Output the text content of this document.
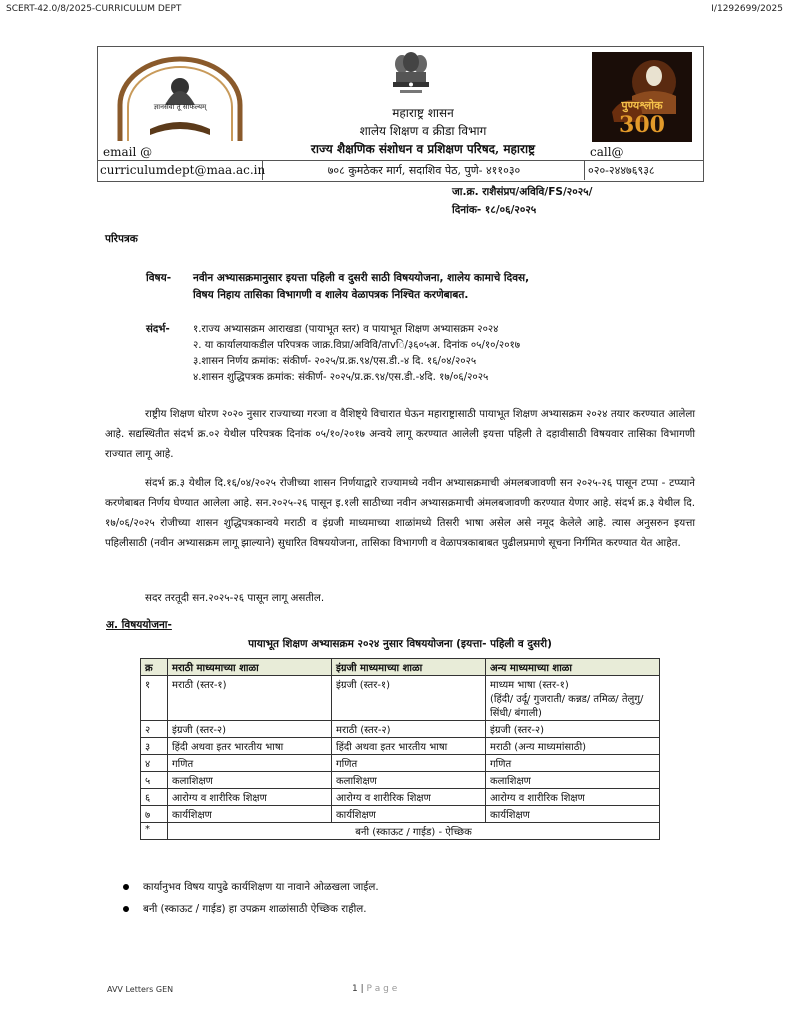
SCERT-42.0/8/2025-CURRICULUM DEPT	I/1292699/2025
ज्ञानसेवा तू साफल्यम्	महाराष्ट्र शासन
शालेय शिक्षण व क्रीडा विभाग
राज्य शैक्षणिक संशोधन व प्रशिक्षण परिषद, महाराष्ट्र
पुण्यश्लोक
300
email @
curriculumdept@maa.ac.in	७०८ कुमठेकर मार्ग, सदाशिव पेठ, पुणे- ४११०३०
call@
०२०-२४४७६९३८
जा.क्र. राशैसंप्रप/अविवि/FS/२०२५/
दिनांक- १८/०६/२०२५
परिपत्रक
विषय- नवीन अभ्यासक्रमानुसार इयत्ता पहिली व दुसरी साठी विषययोजना, शालेय कामाचे दिवस,
विषय निहाय तासिका विभागणी व शालेय वेळापत्रक निश्चित करणेबाबत.
संदर्भ- १.राज्य अभ्यासक्रम आराखडा (पायाभूत स्तर) व पायाभूत शिक्षण अभ्यासक्रम २०२४
२. या कार्यालयाकडील परिपत्रक जाक्र.विप्रा/अविवि/ताvि/३६०५अ. दिनांक ०५/१०/२०१७
३.शासन निर्णय क्रमांक: संकीर्ण- २०२५/प्र.क्र.९४/एस.डी.-४ दि. १६/०४/२०२५
४.शासन शुद्धिपत्रक क्रमांक: संकीर्ण- २०२५/प्र.क्र.९४/एस.डी.-४दि. १७/०६/२०२५
राष्ट्रीय शिक्षण धोरण २०२० नुसार राज्याच्या गरजा व वैशिष्ट्ये विचारात घेऊन महाराष्ट्रासाठी पायाभूत शिक्षण अभ्यासक्रम २०२४ तयार करण्यात आलेला आहे. सद्यस्थितीत संदर्भ क्र.०२ येथील परिपत्रक दिनांक ०५/१०/२०१७ अन्वये लागू करण्यात आलेली इयत्ता पहिली ते दहावीसाठी विषयवार तासिका विभागणी राज्यात लागू आहे.
संदर्भ क्र.३ येथील दि.१६/०४/२०२५ रोजीच्या शासन निर्णयाद्वारे राज्यामध्ये नवीन अभ्यासक्रमाची अंमलबजावणी सन २०२५-२६ पासून टप्पा - टप्प्याने करणेबाबत निर्णय घेण्यात आलेला आहे. सन.२०२५-२६ पासून इ.१ली साठीच्या नवीन अभ्यासक्रमाची अंमलबजावणी करण्यात येणार आहे. संदर्भ क्र.३ येथील दि. १७/०६/२०२५ रोजीच्या शासन शुद्धिपत्रकान्वये मराठी व इंग्रजी माध्यमाच्या शाळांमध्ये तिसरी भाषा असेल असे नमूद केलेले आहे. त्यास अनुसरुन इयत्ता पहिलीसाठी (नवीन अभ्यासक्रम लागू झाल्याने) सुधारित विषययोजना, तासिका विभागणी व वेळापत्रकाबाबत पुढीलप्रमाणे सूचना निर्गमित करण्यात येत आहेत.
सदर तरतूदी सन.२०२५-२६ पासून लागू असतील.
अ. विषययोजना-
पायाभूत शिक्षण अभ्यासक्रम २०२४ नुसार विषययोजना (इयत्ता- पहिली व दुसरी)
क्र	मराठी माध्यमाच्या शाळा	इंग्रजी माध्यमाच्या शाळा	अन्य माध्यमाच्या शाळा
१	मराठी (स्तर-१)	इंग्रजी (स्तर-१)	माध्यम भाषा (स्तर-१)
(हिंदी/ उर्दू/ गुजराती/ कन्नड/ तमिळ/ तेलुगु/ सिंधी/ बंगाली)
२	इंग्रजी (स्तर-२)	मराठी (स्तर-२)	इंग्रजी (स्तर-२)
३	हिंदी अथवा इतर भारतीय भाषा	हिंदी अथवा इतर भारतीय भाषा	मराठी (अन्य माध्यमांसाठी)
४	गणित	गणित	गणित
५	कलाशिक्षण	कलाशिक्षण	कलाशिक्षण
६	आरोग्य व शारीरिक शिक्षण	आरोग्य व शारीरिक शिक्षण	आरोग्य व शारीरिक शिक्षण
७	कार्यशिक्षण	कार्यशिक्षण	कार्यशिक्षण
*	बनी (स्काऊट / गाईड) - ऐच्छिक		
कार्यानुभव विषय यापुढे कार्यशिक्षण या नावाने ओळखला जाईल.
बनी (स्काऊट / गाईड) हा उपक्रम शाळांसाठी ऐच्छिक राहील.
AVV Letters GEN	1 | P a g e
